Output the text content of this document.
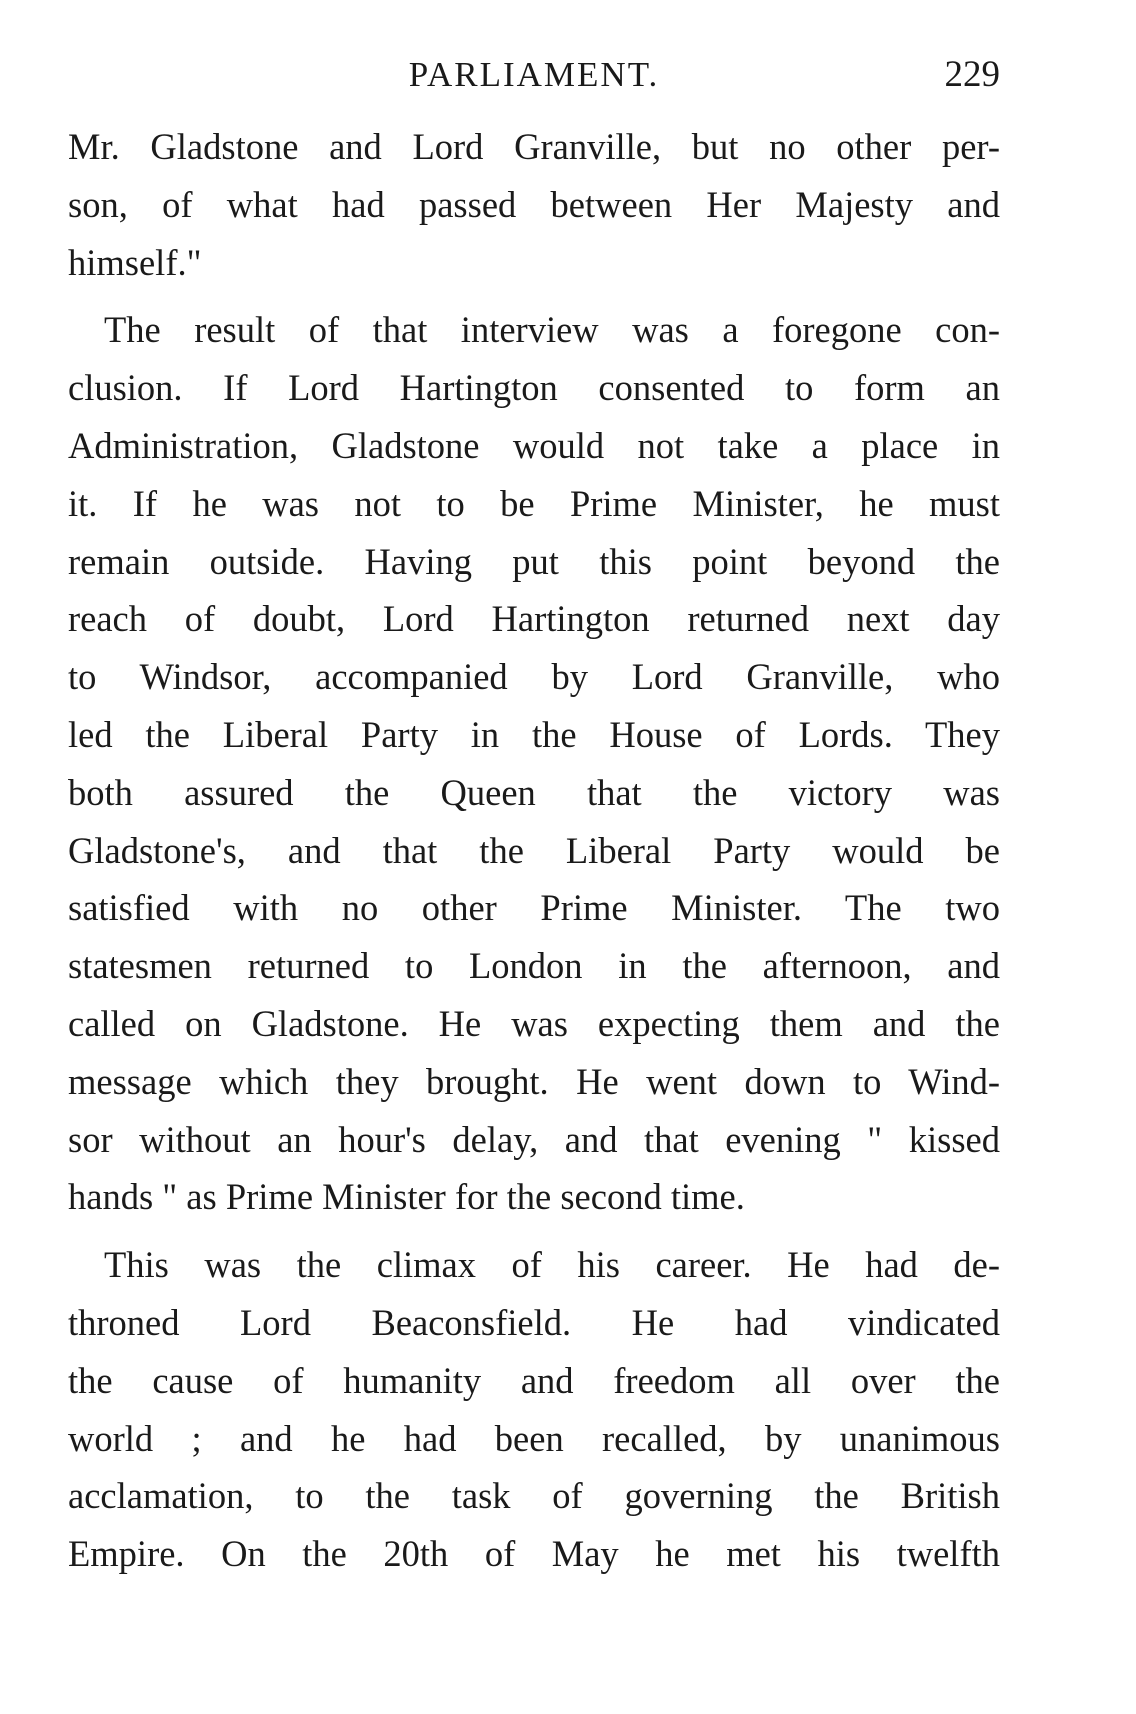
PARLIAMENT.	229
Mr. Gladstone and Lord Granville, but no other per-
son, of what had passed between Her Majesty and
himself."
The result of that interview was a foregone con-
clusion. If Lord Hartington consented to form an
Administration, Gladstone would not take a place in
it. If he was not to be Prime Minister, he must
remain outside. Having put this point beyond the
reach of doubt, Lord Hartington returned next day
to Windsor, accompanied by Lord Granville, who
led the Liberal Party in the House of Lords. They
both assured the Queen that the victory was
Gladstone's, and that the Liberal Party would be
satisfied with no other Prime Minister. The two
statesmen returned to London in the afternoon, and
called on Gladstone. He was expecting them and the
message which they brought. He went down to Wind-
sor without an hour's delay, and that evening " kissed
hands " as Prime Minister for the second time.
This was the climax of his career. He had de-
throned Lord Beaconsfield. He had vindicated
the cause of humanity and freedom all over the
world ; and he had been recalled, by unanimous
acclamation, to the task of governing the British
Empire. On the 20th of May he met his twelfth
